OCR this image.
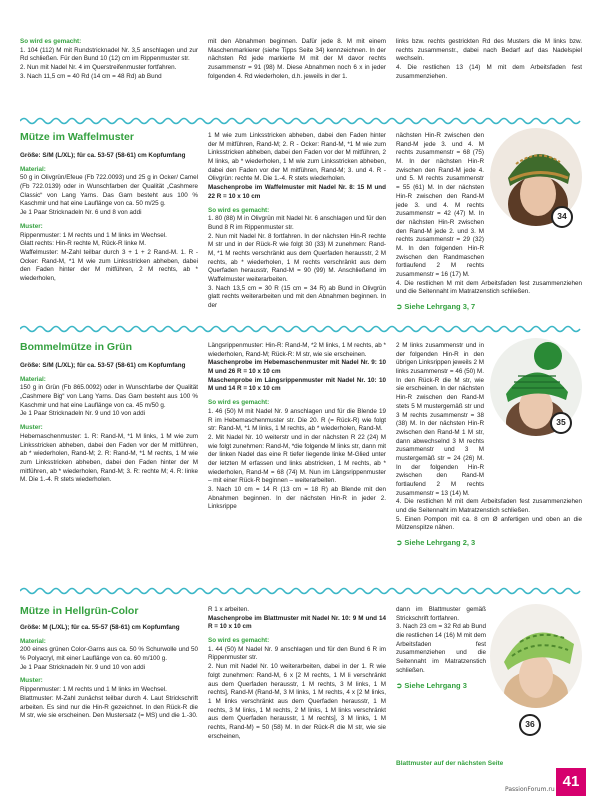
So wird es gemacht:
1. 104 (112) M mit Rundstricknadel Nr. 3,5 anschlagen und zur Rd schließen. Für den Bund 10 (12) cm im Rippenmuster str.
2. Nun mit Nadel Nr. 4 im Querstreifenmuster fortfahren.
3. Nach 11,5 cm = 40 Rd (14 cm = 48 Rd) ab Bund
mit den Abnahmen beginnen. Dafür jede 8. M mit einem Maschenmarkierer (siehe Tipps Seite 34) kennzeichnen. In der nächsten Rd jede markierte M mit der M davor rechts zusammenstr = 91 (98) M. Diese Abnahmen noch 6 x in jeder folgenden 4. Rd wiederholen, d.h. jeweils in der 1.
links bzw. rechts gestrickten Rd des Musters die M links bzw. rechts zusammenstr., dabei nach Bedarf auf das Nadelspiel wechseln.
4. Die restlichen 13 (14) M mit dem Arbeitsfaden fest zusammenziehen.
Mütze im Waffelmuster
Größe: S/M (L/XL); für ca. 53-57 (58-61) cm Kopfumfang
Material:
50 g in Olivgrün/Efeue (Fb 722.0093) und 25 g in Ocker/ Camel (Fb 722.0139) oder in Wunschfarben der Qualität „Cashmere Classic“ von Lang Yarns. Das Garn besteht aus 100 % Kaschmir und hat eine Lauflänge von ca. 50 m/25 g.
Je 1 Paar Stricknadeln Nr. 6 und 8 von addi
Muster:
Rippenmuster: 1 M rechts und 1 M links im Wechsel.
Glatt rechts: Hin-R rechte M, Rück-R linke M.
Waffelmuster: M-Zahl teilbar durch 3 + 1 + 2 Rand-M. 1. R - Ocker: Rand-M, *1 M wie zum Linksstricken abheben, dabei den Faden hinter der M mitführen, 2 M rechts, ab * wiederholen,
1 M wie zum Linksstricken abheben, dabei den Faden hinter der M mitführen, Rand-M; 2. R - Ocker: Rand-M, *1 M wie zum Linksstricken abheben, dabei den Faden vor der M mitführen, 2 M links, ab * wiederholen, 1 M wie zum Linksstricken abheben, dabei den Faden vor der M mitführen, Rand-M; 3. und 4. R - Olivgrün: rechte M. Die 1.-4. R stets wiederholen.
Maschenprobe im Waffelmuster mit Nadel Nr. 8: 15 M und 22 R = 10 x 10 cm
So wird es gemacht:
1. 80 (88) M in Olivgrün mit Nadel Nr. 6 anschlagen und für den Bund 8 R im Rippenmuster str.
2. Nun mit Nadel Nr. 8 fortfahren. In der nächsten Hin-R rechte M str und in der Rück-R wie folgt 30 (33) M zunehmen: Rand-M, *1 M rechts verschränkt aus dem Querfaden herausstr, 2 M rechts, ab * wiederholen, 1 M rechts verschränkt aus dem Querfaden herausstr, Rand-M = 90 (99) M. Anschließend im Waffelmuster weiterarbeiten.
3. Nach 13,5 cm = 30 R (15 cm = 34 R) ab Bund in Olivgrün glatt rechts weiterarbeiten und mit den Abnahmen beginnen. In der
nächsten Hin-R zwischen den Rand-M jede 3. und 4. M rechts zusammenstr = 68 (75) M. In der nächsten Hin-R zwischen den Rand-M jede 4. und 5. M rechts zusammenstr = 55 (61) M. In der nächsten Hin-R zwischen den Rand-M jede 3. und 4. M rechts zusammenstr = 42 (47) M. In der nächsten Hin-R zwischen den Rand-M jede 2. und 3. M rechts zusammenstr = 29 (32) M. In den folgenden Hin-R zwischen den Randmaschen fortlaufend 2 M rechts zusammenstr = 16 (17) M.
4. Die restlichen M mit dem Arbeitsfaden fest zusammenziehen und die Seitennaht im Matratzenstich schließen.
➲ Siehe Lehrgang 3, 7
34
Bommelmütze in Grün
Größe: S/M (L/XL); für ca. 53-57 (58-61) cm Kopfumfang
Material:
150 g in Grün (Fb 865.0092) oder in Wunschfarbe der Qualität „Cashmere Big“ von Lang Yarns. Das Garn besteht aus 100 % Kaschmir und hat eine Lauflänge von ca. 45 m/50 g.
Je 1 Paar Stricknadeln Nr. 9 und 10 von addi
Muster:
Hebemaschenmuster: 1. R: Rand-M, *1 M links, 1 M wie zum Linksstricken abheben, dabei den Faden vor der M mitführen, ab * wiederholen, Rand-M; 2. R: Rand-M, *1 M rechts, 1 M wie zum Linksstricken abheben, dabei den Faden hinter der M mitführen, ab * wiederholen, Rand-M; 3. R: rechte M; 4. R: linke M. Die 1.-4. R stets wiederholen.
Längsrippenmuster: Hin-R: Rand-M, *2 M links, 1 M rechts, ab * wiederholen, Rand-M; Rück-R: M str, wie sie erscheinen.
Maschenprobe im Hebemaschenmuster mit Nadel Nr. 9: 10 M und 26 R = 10 x 10 cm
Maschenprobe im Längsrippenmuster mit Nadel Nr. 10: 10 M und 14 R = 10 x 10 cm
So wird es gemacht:
1. 46 (50) M mit Nadel Nr. 9 anschlagen und für die Blende 19 R im Hebemaschenmuster str. Die 20. R (= Rück-R) wie folgt str: Rand-M, *1 M links, 1 M rechts, ab * wiederholen, Rand-M.
2. Mit Nadel Nr. 10 weiterstr und in der nächsten R 22 (24) M wie folgt zunehmen: Rand-M, *die folgende M links str, dann mit der linken Nadel das eine R tiefer liegende linke M-Glied unter der letzten M erfassen und links abstricken, 1 M rechts, ab * wiederholen, Rand-M = 68 (74) M. Nun im Längsrippenmuster – mit einer Rück-R beginnen – weiterarbeiten.
3. Nach 10 cm = 14 R (13 cm = 18 R) ab Blende mit den Abnahmen beginnen. In der nächsten Hin-R in jeder 2. Linksrippe
2 M links zusammenstr und in der folgenden Hin-R in den übrigen Linksrippen jeweils 2 M links zusammenstr = 46 (50) M. In den Rück-R die M str, wie sie erscheinen. In der nächsten Hin-R zwischen den Rand-M stets 5 M mustergemäß str und 3 M rechts zusammenstr = 38 (38) M. In der nächsten Hin-R zwischen den Rand-M 1 M str, dann abwechselnd 3 M rechts zusammenstr und 3 M mustergemäß str = 24 (26) M. In der folgenden Hin-R zwischen den Rand-M fortlaufend 2 M rechts zusammenstr = 13 (14) M.
4. Die restlichen M mit dem Arbeitsfaden fest zusammenziehen und die Seitennaht im Matratzenstich schließen.
5. Einen Pompon mit ca. 8 cm Ø anfertigen und oben an die Mützenspitze nähen.
➲ Siehe Lehrgang 2, 3
35
Mütze in Hellgrün-Color
Größe: M (L/XL); für ca. 55-57 (58-61) cm Kopfumfang
Material:
200 eines grünen Color-Garns aus ca. 50 % Schurwolle und 50 % Polyacryl, mit einer Lauflänge von ca. 60 m/100 g.
Je 1 Paar Stricknadeln Nr. 9 und 10 von addi
Muster:
Rippenmuster: 1 M rechts und 1 M links im Wechsel.
Blattmuster: M-Zahl zunächst teilbar durch 4. Laut Strickschrift arbeiten. Es sind nur die Hin-R gezeichnet. In den Rück-R die M str, wie sie erscheinen. Den Mustersatz (= MS) und die 1.-30.
R 1 x arbeiten.
Maschenprobe im Blattmuster mit Nadel Nr. 10: 9 M und 14 R = 10 x 10 cm
So wird es gemacht:
1. 44 (50) M Nadel Nr. 9 anschlagen und für den Bund 6 R im Rippenmuster str.
2. Nun mit Nadel Nr. 10 weiterarbeiten, dabei in der 1. R wie folgt zunehmen: Rand-M, 6 x [2 M rechts, 1 M li verschränkt aus dem Querfaden herausstr, 1 M rechts, 3 M links, 1 M rechts], Rand-M (Rand-M, 3 M links, 1 M rechts, 4 x [2 M links, 1 M links verschränkt aus dem Querfaden herausstr, 1 M rechts, 3 M links, 1 M rechts, 2 M links, 1 M links verschränkt aus dem Querfaden herausstr, 1 M rechts], 3 M links, 1 M rechts, Rand-M) = 50 (58) M. In der Rück-R die M str, wie sie erscheinen,
dann im Blattmuster gemäß Strickschrift fortfahren.
3. Nach 23 cm = 32 Rd ab Bund die restlichen 14 (16) M mit dem Arbeitsfaden fest zusammenziehen und die Seitennaht im Matratzenstich schließen.
➲ Siehe Lehrgang 3
36
Blattmuster auf der nächsten Seite
41
PassionForum.ru
